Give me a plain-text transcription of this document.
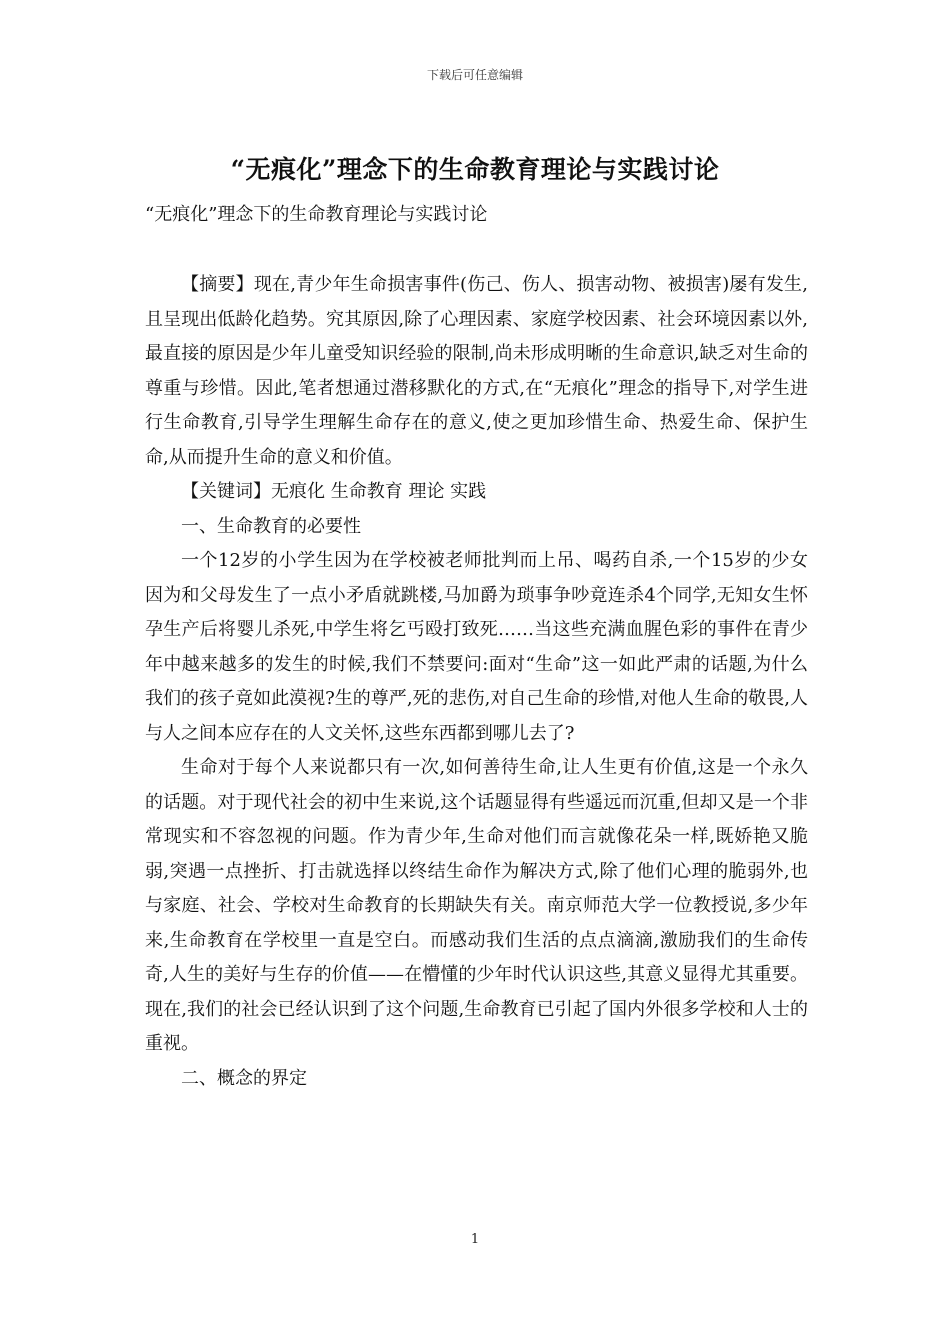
下载后可任意编辑
“无痕化”理念下的生命教育理论与实践讨论
“无痕化”理念下的生命教育理论与实践讨论

【摘要】现在,青少年生命损害事件(伤己、伤人、损害动物、被损害)屡有发生,且呈现出低龄化趋势。究其原因,除了心理因素、家庭学校因素、社会环境因素以外,最直接的原因是少年儿童受知识经验的限制,尚未形成明晰的生命意识,缺乏对生命的尊重与珍惜。因此,笔者想通过潜移默化的方式,在“无痕化”理念的指导下,对学生进行生命教育,引导学生理解生命存在的意义,使之更加珍惜生命、热爱生命、保护生命,从而提升生命的意义和价值。

【关键词】无痕化 生命教育 理论 实践

一、生命教育的必要性

一个12岁的小学生因为在学校被老师批判而上吊、喝药自杀,一个15岁的少女因为和父母发生了一点小矛盾就跳楼,马加爵为琐事争吵竟连杀4个同学,无知女生怀孕生产后将婴儿杀死,中学生将乞丐殴打致死……当这些充满血腥色彩的事件在青少年中越来越多的发生的时候,我们不禁要问:面对“生命”这一如此严肃的话题,为什么我们的孩子竟如此漠视?生的尊严,死的悲伤,对自己生命的珍惜,对他人生命的敬畏,人与人之间本应存在的人文关怀,这些东西都到哪儿去了?

生命对于每个人来说都只有一次,如何善待生命,让人生更有价值,这是一个永久的话题。对于现代社会的初中生来说,这个话题显得有些遥远而沉重,但却又是一个非常现实和不容忽视的问题。作为青少年,生命对他们而言就像花朵一样,既娇艳又脆弱,突遇一点挫折、打击就选择以终结生命作为解决方式,除了他们心理的脆弱外,也与家庭、社会、学校对生命教育的长期缺失有关。南京师范大学一位教授说,多少年来,生命教育在学校里一直是空白。而感动我们生活的点点滴滴,激励我们的生命传奇,人生的美好与生存的价值——在懵懂的少年时代认识这些,其意义显得尤其重要。现在,我们的社会已经认识到了这个问题,生命教育已引起了国内外很多学校和人士的重视。

二、概念的界定

1
